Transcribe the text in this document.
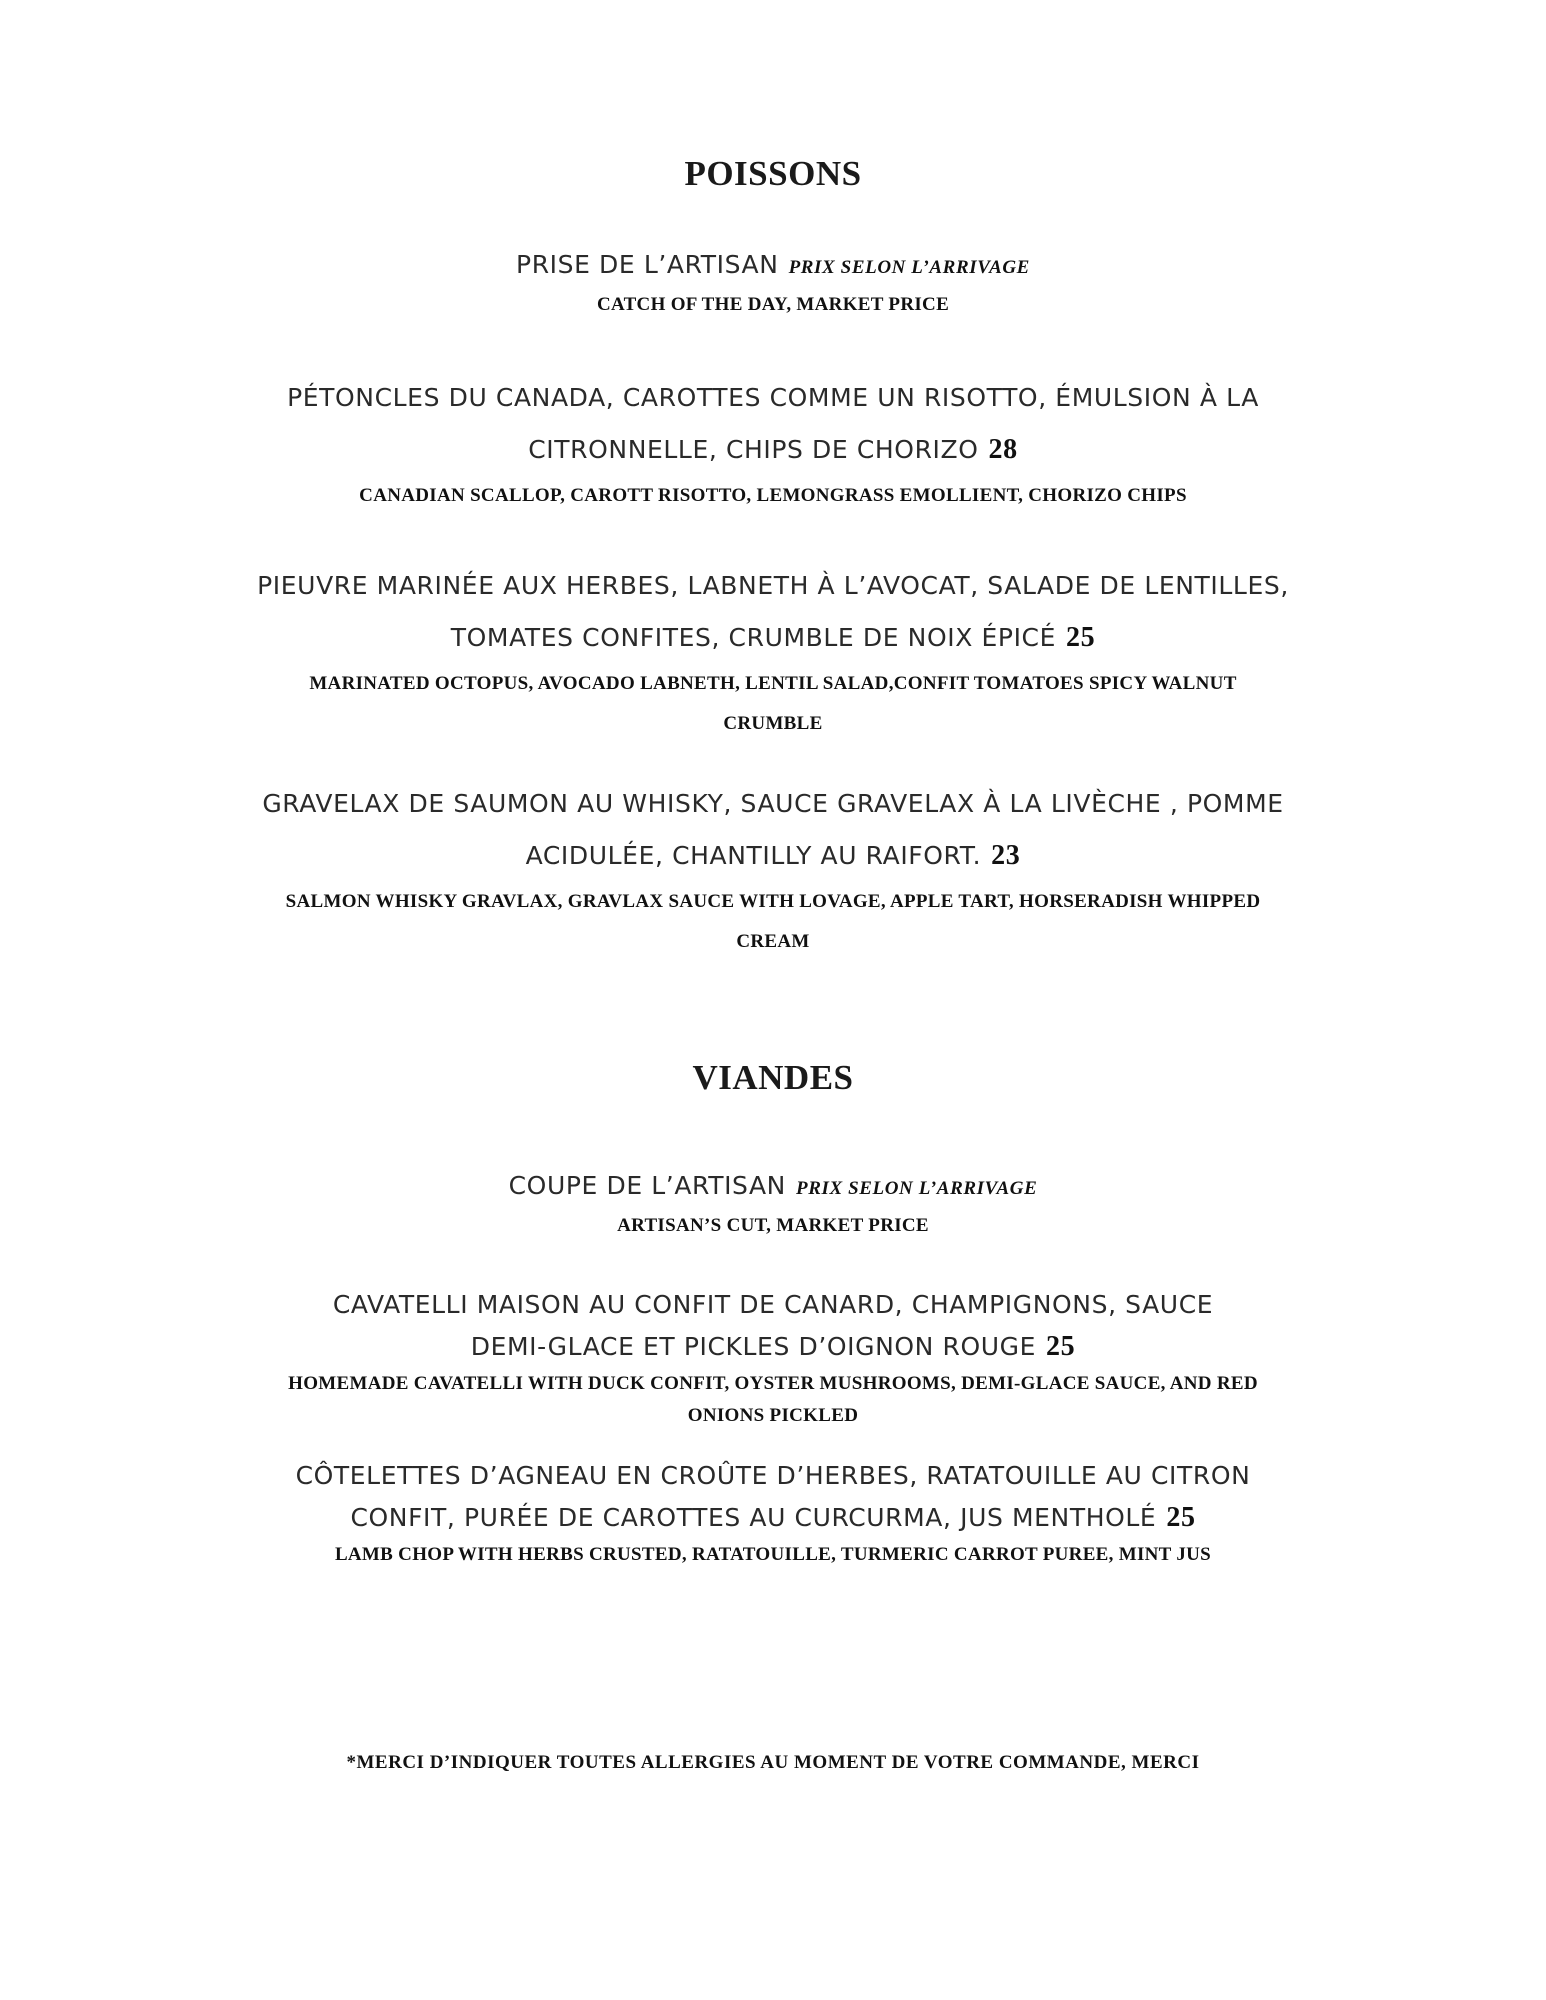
POISSONS
PRISE DE L’ARTISAN PRIX SELON L’ARRIVAGE
CATCH OF THE DAY, MARKET PRICE
PÉTONCLES DU CANADA, CAROTTES COMME UN RISOTTO, ÉMULSION À LA
CITRONNELLE, CHIPS DE CHORIZO 28
CANADIAN SCALLOP, CAROTT RISOTTO, LEMONGRASS EMOLLIENT, CHORIZO CHIPS
PIEUVRE MARINÉE AUX HERBES, LABNETH À L’AVOCAT, SALADE DE LENTILLES,
TOMATES CONFITES, CRUMBLE DE NOIX ÉPICÉ 25
MARINATED OCTOPUS, AVOCADO LABNETH, LENTIL SALAD,CONFIT TOMATOES SPICY WALNUT
CRUMBLE
GRAVELAX DE SAUMON AU WHISKY, SAUCE GRAVELAX À LA LIVÈCHE , POMME
ACIDULÉE, CHANTILLY AU RAIFORT. 23
SALMON WHISKY GRAVLAX, GRAVLAX SAUCE WITH LOVAGE, APPLE TART, HORSERADISH WHIPPED
CREAM
VIANDES
COUPE DE L’ARTISAN PRIX SELON L’ARRIVAGE
ARTISAN’S CUT, MARKET PRICE
CAVATELLI MAISON AU CONFIT DE CANARD, CHAMPIGNONS, SAUCE
DEMI-GLACE ET PICKLES D’OIGNON ROUGE 25
HOMEMADE CAVATELLI WITH DUCK CONFIT, OYSTER MUSHROOMS, DEMI-GLACE SAUCE, AND RED
ONIONS PICKLED
CÔTELETTES D’AGNEAU EN CROÛTE D’HERBES, RATATOUILLE AU CITRON
CONFIT, PURÉE DE CAROTTES AU CURCURMA, JUS MENTHOLÉ 25
LAMB CHOP WITH HERBS CRUSTED, RATATOUILLE, TURMERIC CARROT PUREE, MINT JUS
*MERCI D’INDIQUER TOUTES ALLERGIES AU MOMENT DE VOTRE COMMANDE, MERCI
